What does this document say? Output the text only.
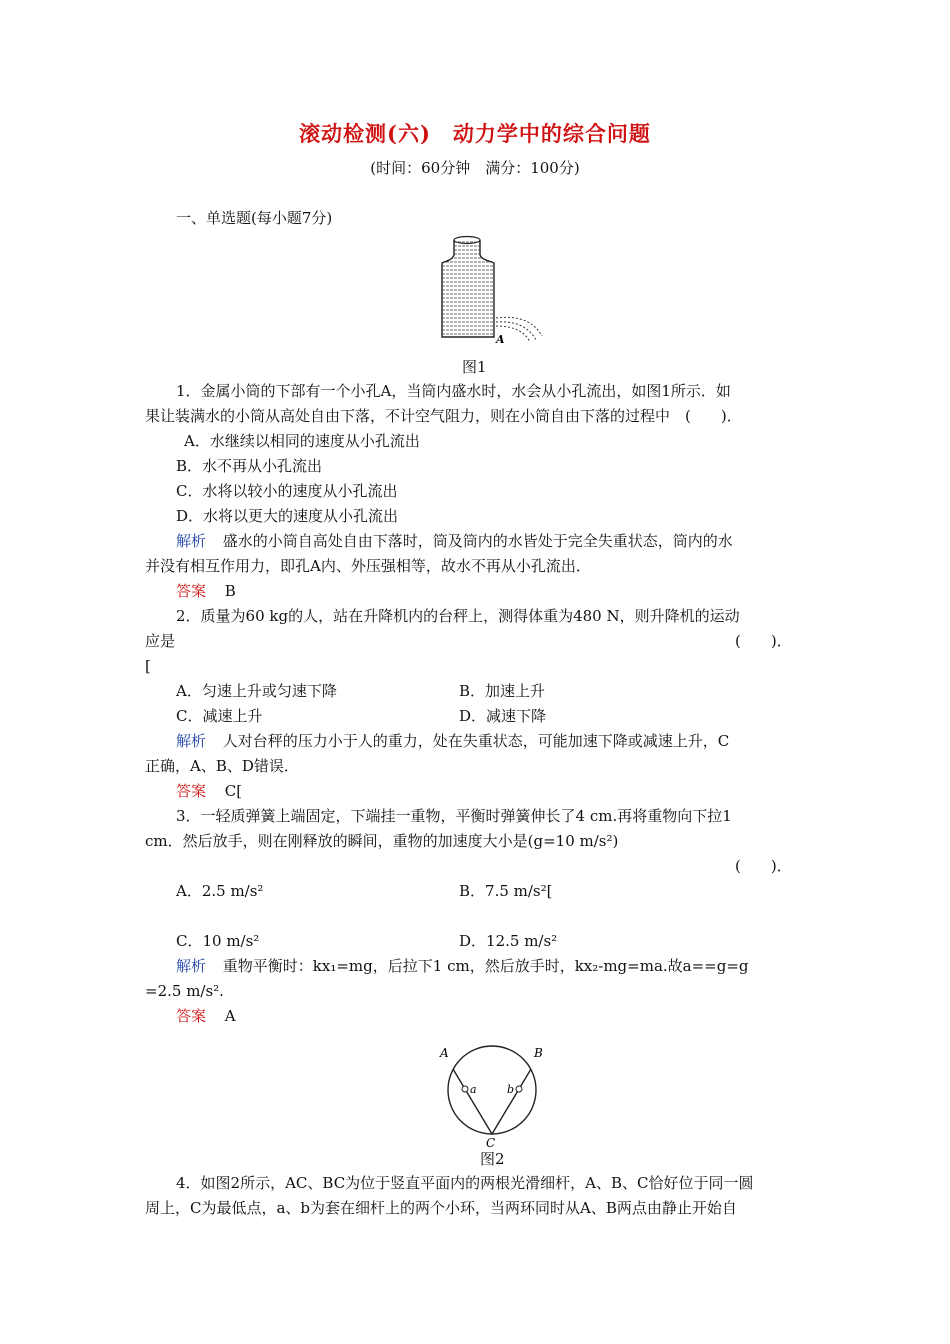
滚动检测(六)　动力学中的综合问题
(时间：60分钟　满分：100分)
一、单选题(每小题7分)
A
图1
1．金属小筒的下部有一个小孔A，当筒内盛水时，水会从小孔流出，如图1所示．如
果让装满水的小筒从高处自由下落，不计空气阻力，则在小筒自由下落的过程中　(　　)．
A．水继续以相同的速度从小孔流出
B．水不再从小孔流出
C．水将以较小的速度从小孔流出
D．水将以更大的速度从小孔流出
解析 盛水的小筒自高处自由下落时，筒及筒内的水皆处于完全失重状态，筒内的水
并没有相互作用力，即孔A内、外压强相等，故水不再从小孔流出．
答案 B
2．质量为60 kg的人，站在升降机内的台秤上，测得体重为480 N，则升降机的运动
应是	(　　)．
[
A．匀速上升或匀速下降	B．加速上升
C．减速上升	D．减速下降
解析 人对台秤的压力小于人的重力，处在失重状态，可能加速下降或减速上升，C
正确，A、B、D错误．
答案 C[
3．一轻质弹簧上端固定，下端挂一重物，平衡时弹簧伸长了4 cm.再将重物向下拉1
cm．然后放手，则在刚释放的瞬间，重物的加速度大小是(g=10 m/s²)
(　　)．
A．2.5 m/s²	B．7.5 m/s²[
C．10 m/s²	D．12.5 m/s²
解析 重物平衡时：kx₁=mg，后拉下1 cm，然后放手时，kx₂-mg=ma.故a==g=g
=2.5 m/s².
答案 A
A	B
C
a	b
图2
4．如图2所示，AC、BC为位于竖直平面内的两根光滑细杆，A、B、C恰好位于同一圆
周上，C为最低点，a、b为套在细杆上的两个小环，当两环同时从A、B两点由静止开始自
